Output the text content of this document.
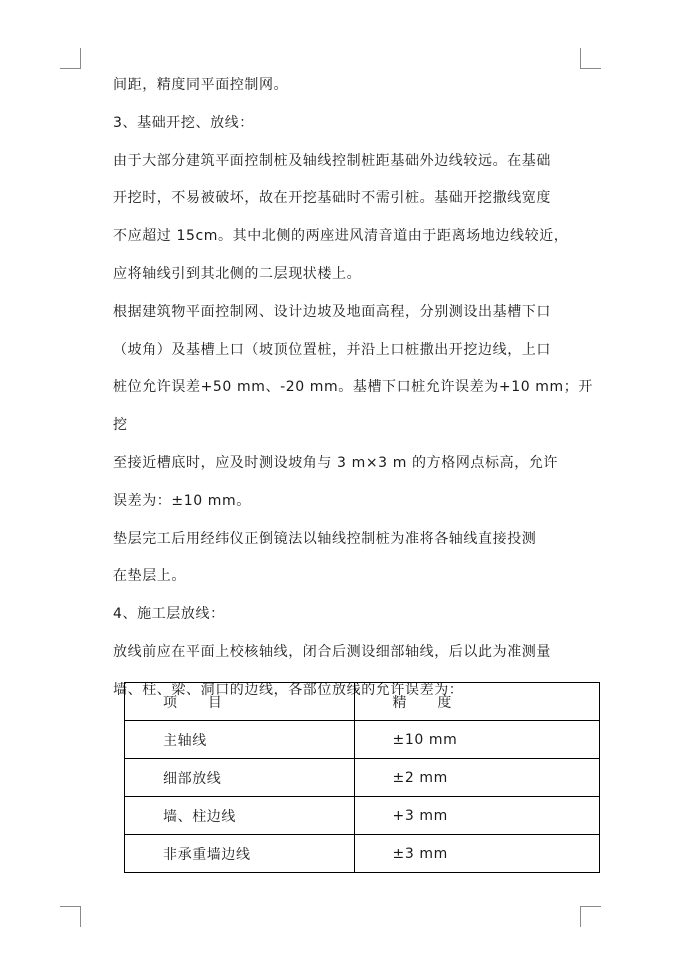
间距，精度同平面控制网。

3、基础开挖、放线：

由于大部分建筑平面控制桩及轴线控制桩距基础外边线较远。在基础

开挖时，不易被破坏，故在开挖基础时不需引桩。基础开挖撒线宽度

不应超过 15cm。其中北侧的两座进风清音道由于距离场地边线较近，

应将轴线引到其北侧的二层现状楼上。

根据建筑物平面控制网、设计边坡及地面高程，分别测设出基槽下口

（坡角）及基槽上口（坡顶位置桩，并沿上口桩撒出开挖边线，上口

桩位允许误差+50 mm、-20 mm。基槽下口桩允许误差为+10 mm；开挖

至接近槽底时，应及时测设坡角与 3 m×3 m 的方格网点标高，允许

误差为：±10 mm。

垫层完工后用经纬仪正倒镜法以轴线控制桩为准将各轴线直接投测

在垫层上。

4、施工层放线：

放线前应在平面上校核轴线，闭合后测设细部轴线，后以此为准测量

墙、柱、梁、洞口的边线，各部位放线的允许误差为：

项      目	精      度
主轴线	±10 mm
细部放线	±2 mm
墙、柱边线	+3 mm
非承重墙边线	±3 mm
